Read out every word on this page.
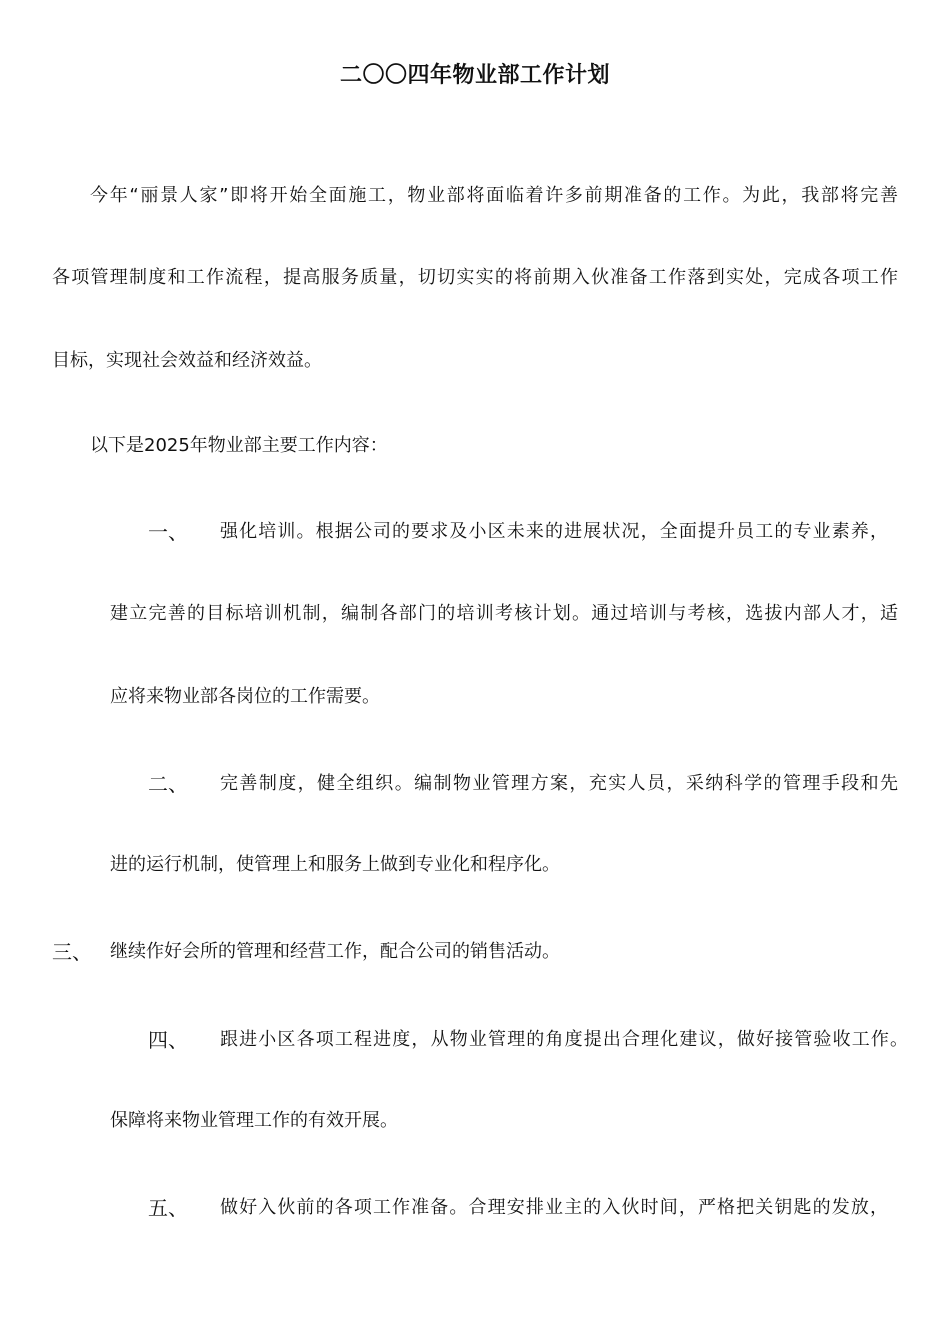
二〇〇四年物业部工作计划
今年“丽景人家”即将开始全面施工，物业部将面临着许多前期准备的工作。为此，我部将完善
各项管理制度和工作流程，提高服务质量，切切实实的将前期入伙准备工作落到实处，完成各项工作
目标，实现社会效益和经济效益。
以下是2025年物业部主要工作内容：
一、 强化培训。根据公司的要求及小区未来的进展状况，全面提升员工的专业素养，
建立完善的目标培训机制，编制各部门的培训考核计划。通过培训与考核，选拔内部人才，适
应将来物业部各岗位的工作需要。
二、 完善制度，健全组织。编制物业管理方案，充实人员，采纳科学的管理手段和先
进的运行机制，使管理上和服务上做到专业化和程序化。
三、 继续作好会所的管理和经营工作，配合公司的销售活动。
四、 跟进小区各项工程进度，从物业管理的角度提出合理化建议，做好接管验收工作。
保障将来物业管理工作的有效开展。
五、 做好入伙前的各项工作准备。合理安排业主的入伙时间，严格把关钥匙的发放，
